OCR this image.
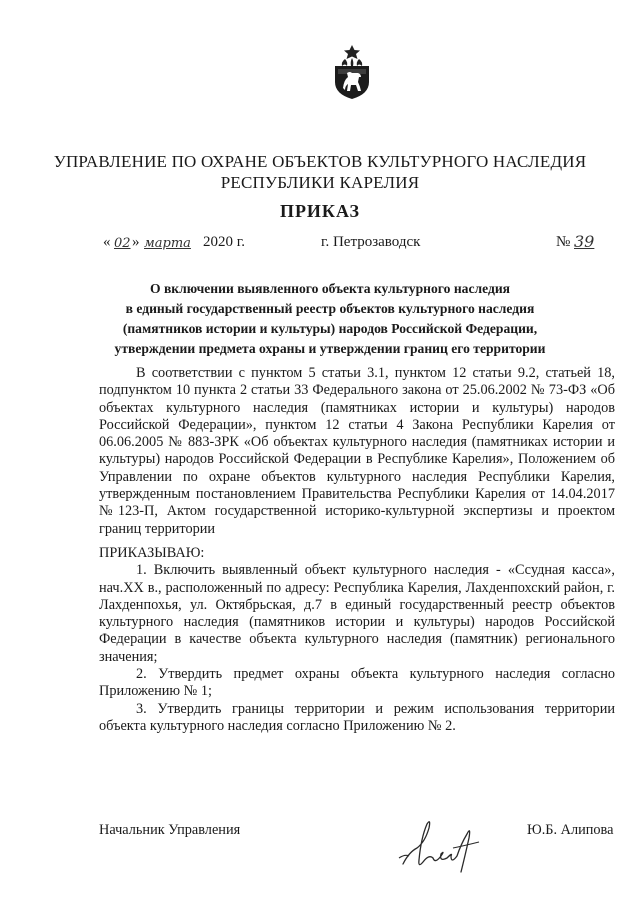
УПРАВЛЕНИЕ ПО ОХРАНЕ ОБЪЕКТОВ КУЛЬТУРНОГО НАСЛЕДИЯ
РЕСПУБЛИКИ КАРЕЛИЯ
ПРИКАЗ
« 02 » марта 2020 г.	г. Петрозаводск	№ 39
О включении выявленного объекта культурного наследия
в единый государственный реестр объектов культурного наследия
(памятников истории и культуры) народов Российской Федерации,
утверждении предмета охраны и утверждении границ его территории

В соответствии с пунктом 5 статьи 3.1, пунктом 12 статьи 9.2, статьей 18, подпунктом 10 пункта 2 статьи 33 Федерального закона от 25.06.2002 № 73-ФЗ «Об объектах культурного наследия (памятниках истории и культуры) народов Российской Федерации», пунктом 12 статьи 4 Закона Республики Карелия от 06.06.2005 № 883-ЗРК «Об объектах культурного наследия (памятниках истории и культуры) народов Российской Федерации в Республике Карелия», Положением об Управлении по охране объектов культурного наследия Республики Карелия, утвержденным постановлением Правительства Республики Карелия от 14.04.2017 №123-П, Актом государственной историко-культурной экспертизы и проектом границ территории

ПРИКАЗЫВАЮ:

1. Включить выявленный объект культурного наследия - «Ссудная касса», нач.XX в., расположенный по адресу: Республика Карелия, Лахденпохский район, г. Лахденпохья, ул. Октябрьская, д.7 в единый государственный реестр объектов культурного наследия (памятников истории и культуры) народов Российской Федерации в качестве объекта культурного наследия (памятник) регионального значения;

2. Утвердить предмет охраны объекта культурного наследия согласно Приложению № 1;

3. Утвердить границы территории и режим использования территории объекта культурного наследия согласно Приложению № 2.

Начальник Управления	Ю.Б. Алипова
